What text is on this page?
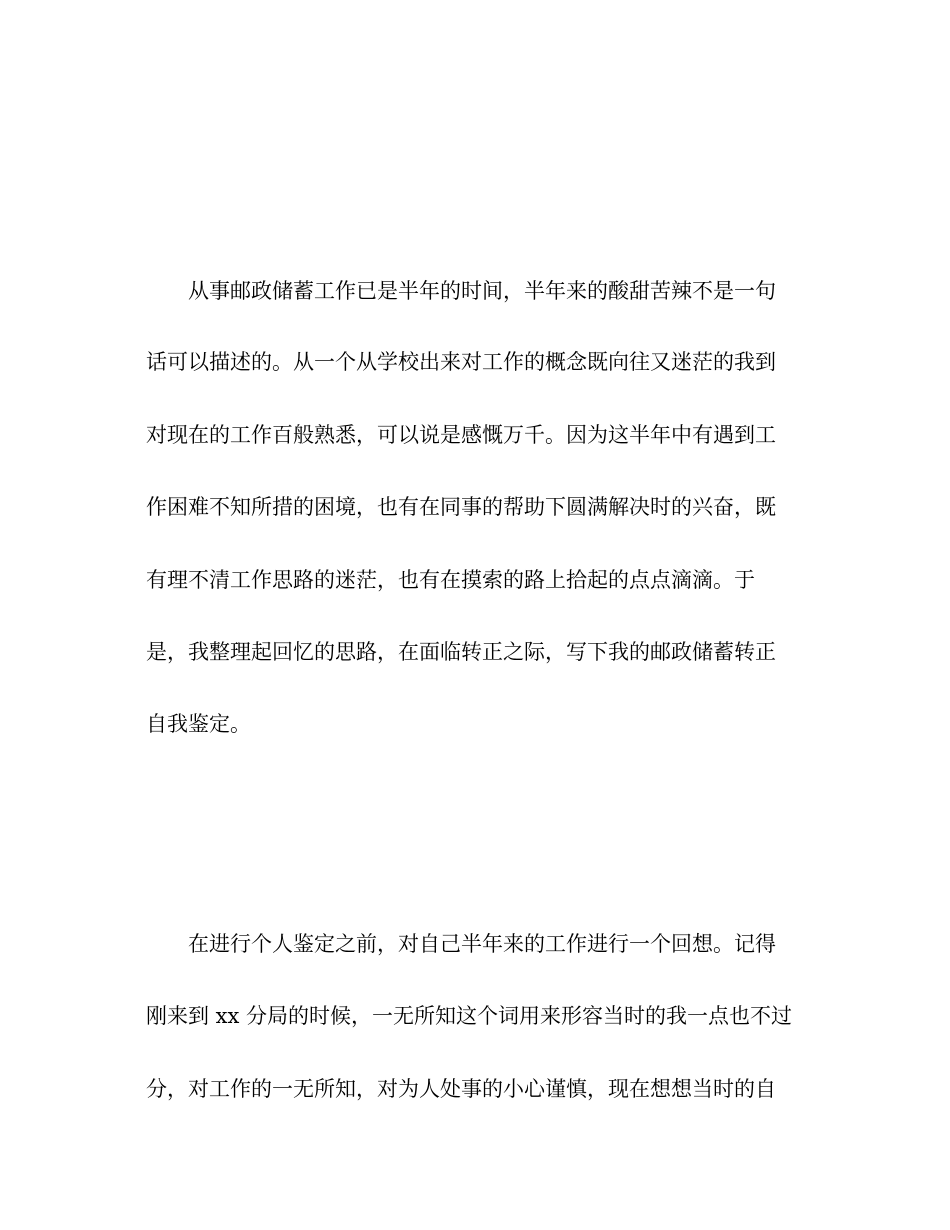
从事邮政储蓄工作已是半年的时间，半年来的酸甜苦辣不是一句

话可以描述的。从一个从学校出来对工作的概念既向往又迷茫的我到

对现在的工作百般熟悉，可以说是感慨万千。因为这半年中有遇到工

作困难不知所措的困境，也有在同事的帮助下圆满解决时的兴奋，既

有理不清工作思路的迷茫，也有在摸索的路上拾起的点点滴滴。于

是，我整理起回忆的思路，在面临转正之际，写下我的邮政储蓄转正

自我鉴定。

在进行个人鉴定之前，对自己半年来的工作进行一个回想。记得

刚来到 xx 分局的时候，一无所知这个词用来形容当时的我一点也不过

分，对工作的一无所知，对为人处事的小心谨慎，现在想想当时的自
